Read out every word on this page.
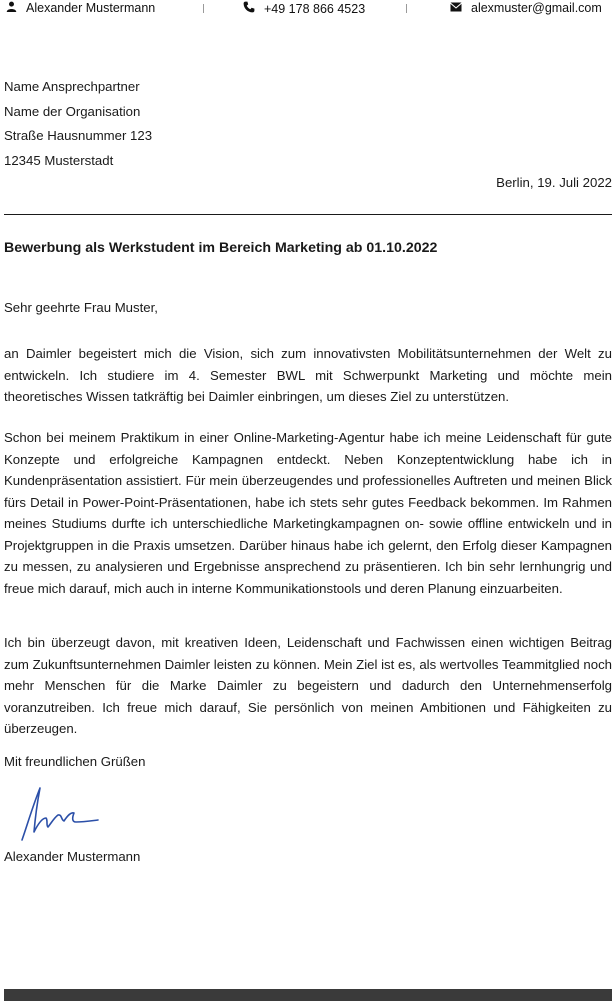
Alexander Mustermann	+49 178 866 4523	alexmuster@gmail.com
Name Ansprechpartner
Name der Organisation
Straße Hausnummer 123
12345 Musterstadt
Berlin, 19. Juli 2022
Bewerbung als Werkstudent im Bereich Marketing ab 01.10.2022
Sehr geehrte Frau Muster,

an Daimler begeistert mich die Vision, sich zum innovativsten Mobilitätsunternehmen der Welt zu entwickeln. Ich studiere im 4. Semester BWL mit Schwerpunkt Marketing und möchte mein theoretisches Wissen tatkräftig bei Daimler einbringen, um dieses Ziel zu unterstützen.

Schon bei meinem Praktikum in einer Online-Marketing-Agentur habe ich meine Leidenschaft für gute Konzepte und erfolgreiche Kampagnen entdeckt. Neben Konzeptentwicklung habe ich in Kundenpräsentation assistiert. Für mein überzeugendes und professionelles Auftreten und meinen Blick fürs Detail in Power-Point-Präsentationen, habe ich stets sehr gutes Feedback bekommen. Im Rahmen meines Studiums durfte ich unterschiedliche Marketingkampagnen on- sowie offline entwickeln und in Projektgruppen in die Praxis umsetzen. Darüber hinaus habe ich gelernt, den Erfolg dieser Kampagnen zu messen, zu analysieren und Ergebnisse ansprechend zu präsentieren. Ich bin sehr lernhungrig und freue mich darauf, mich auch in interne Kommunikationstools und deren Planung einzuarbeiten.

Ich bin überzeugt davon, mit kreativen Ideen, Leidenschaft und Fachwissen einen wichtigen Beitrag zum Zukunftsunternehmen Daimler leisten zu können. Mein Ziel ist es, als wertvolles Teammitglied noch mehr Menschen für die Marke Daimler zu begeistern und dadurch den Unternehmenserfolg voranzutreiben. Ich freue mich darauf, Sie persönlich von meinen Ambitionen und Fähigkeiten zu überzeugen.

Mit freundlichen Grüßen
Alexander Mustermann
